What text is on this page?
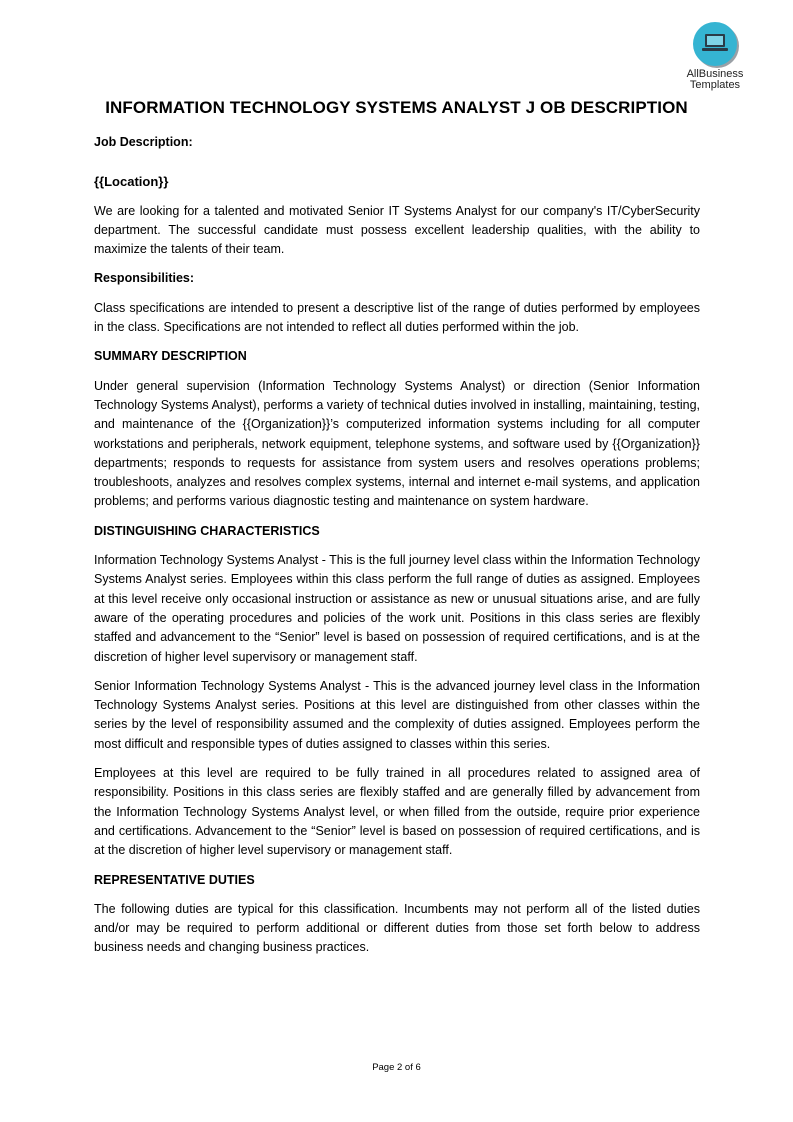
AllBusiness
Templates
INFORMATION TECHNOLOGY SYSTEMS ANALYST J OB DESCRIPTION
Job Description:
{{Location}}
We are looking for a talented and motivated Senior IT Systems Analyst for our company's IT/CyberSecurity department. The successful candidate must possess excellent leadership qualities, with the ability to maximize the talents of their team.
Responsibilities:
Class specifications are intended to present a descriptive list of the range of duties performed by employees in the class. Specifications are not intended to reflect all duties performed within the job.
SUMMARY DESCRIPTION
Under general supervision (Information Technology Systems Analyst) or direction (Senior Information Technology Systems Analyst), performs a variety of technical duties involved in installing, maintaining, testing, and maintenance of the {{Organization}}’s computerized information systems including for all computer workstations and peripherals, network equipment, telephone systems, and software used by {{Organization}} departments; responds to requests for assistance from system users and resolves operations problems; troubleshoots, analyzes and resolves complex systems, internal and internet e-mail systems, and application problems; and performs various diagnostic testing and maintenance on system hardware.
DISTINGUISHING CHARACTERISTICS
Information Technology Systems Analyst - This is the full journey level class within the Information Technology Systems Analyst series. Employees within this class perform the full range of duties as assigned. Employees at this level receive only occasional instruction or assistance as new or unusual situations arise, and are fully aware of the operating procedures and policies of the work unit. Positions in this class series are flexibly staffed and advancement to the “Senior” level is based on possession of required certifications, and is at the discretion of higher level supervisory or management staff.
Senior Information Technology Systems Analyst - This is the advanced journey level class in the Information Technology Systems Analyst series. Positions at this level are distinguished from other classes within the series by the level of responsibility assumed and the complexity of duties assigned. Employees perform the most difficult and responsible types of duties assigned to classes within this series.
Employees at this level are required to be fully trained in all procedures related to assigned area of responsibility. Positions in this class series are flexibly staffed and are generally filled by advancement from the Information Technology Systems Analyst level, or when filled from the outside, require prior experience and certifications. Advancement to the “Senior” level is based on possession of required certifications, and is at the discretion of higher level supervisory or management staff.
REPRESENTATIVE DUTIES
The following duties are typical for this classification. Incumbents may not perform all of the listed duties and/or may be required to perform additional or different duties from those set forth below to address business needs and changing business practices.
Page 2 of 6
